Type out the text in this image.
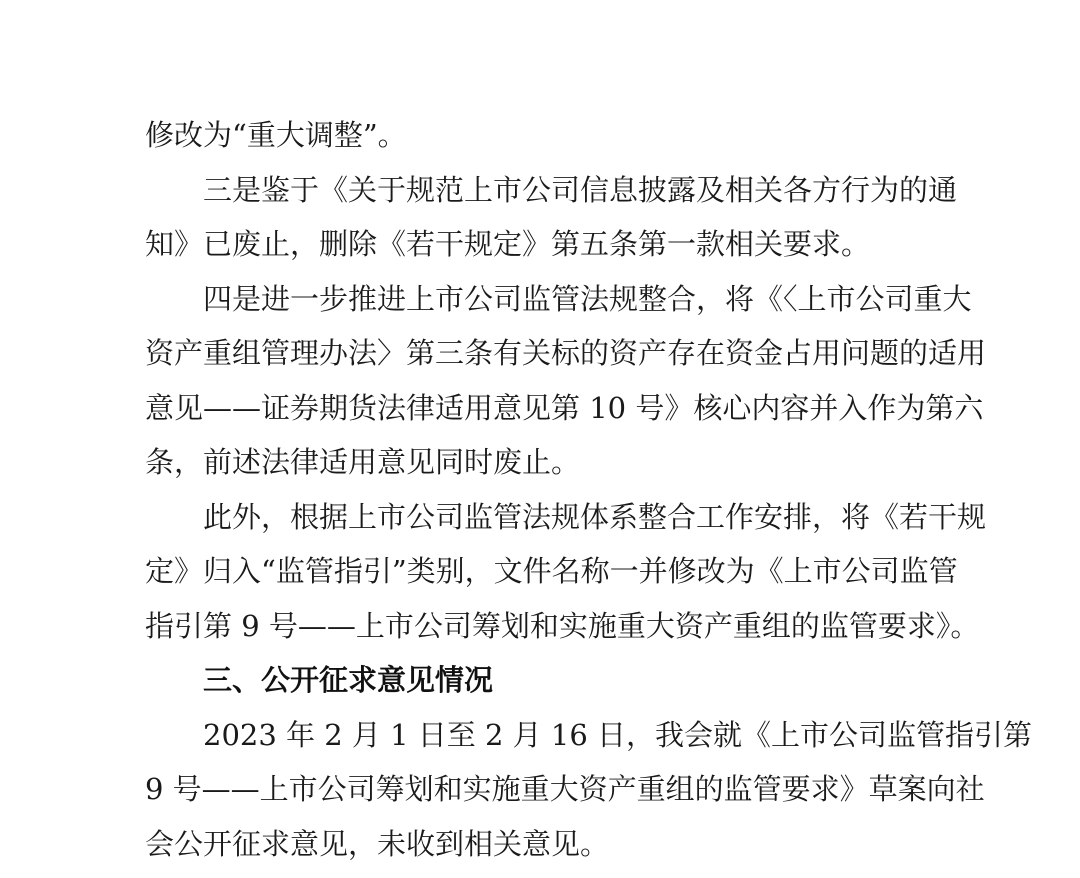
修改为“重大调整”。

三是鉴于《关于规范上市公司信息披露及相关各方行为的通

知》已废止，删除《若干规定》第五条第一款相关要求。

四是进一步推进上市公司监管法规整合，将《〈上市公司重大

资产重组管理办法〉第三条有关标的资产存在资金占用问题的适用

意见——证券期货法律适用意见第 10 号》核心内容并入作为第六

条，前述法律适用意见同时废止。

此外，根据上市公司监管法规体系整合工作安排，将《若干规

定》归入“监管指引”类别，文件名称一并修改为《上市公司监管

指引第 9 号——上市公司筹划和实施重大资产重组的监管要求》。

三、公开征求意见情况

2023 年 2 月 1 日至 2 月 16 日，我会就《上市公司监管指引第

9 号——上市公司筹划和实施重大资产重组的监管要求》草案向社

会公开征求意见，未收到相关意见。
